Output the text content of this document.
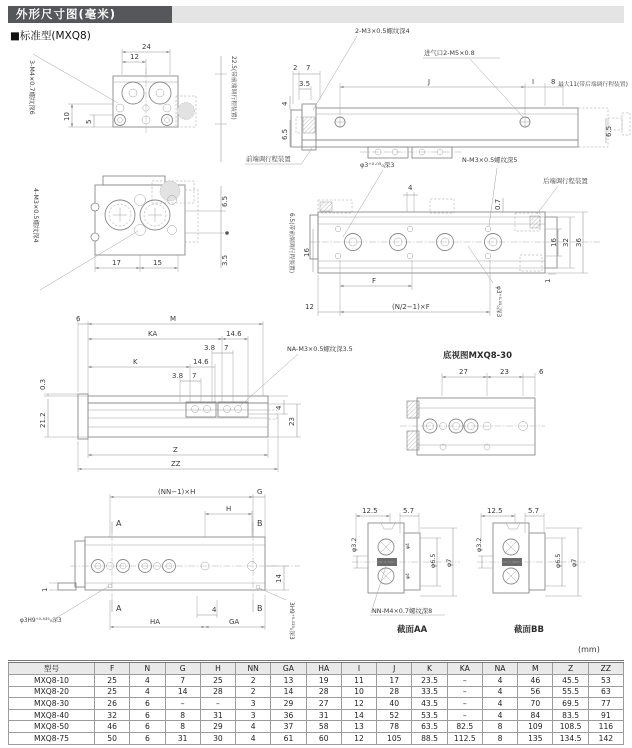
外形尺寸图(毫米)
■标准型(MXQ8)
24
12
10
5
3-M4×0.7螺纹深6	22.5(带前端调行程装置)	J	I 8
2 7
3.5
4
6.5	6.5
2-M3×0.5螺纹深4
进气口2-M5×0.8
最大11(带后端调行程装置)
前端调行程装置
6.5
3.5
17	15
4-M3×0.5螺纹深4	4
0.7
16 32 36
1
16
6.5(带前端调行程装置)
F
(N/2−1)×F
12
φ3⁺⁰·⁰⁵₀深3
N-M3×0.5螺纹深5
后端调行程装置
φ3⁺⁰·⁰⁵₀深3
6	M
KA	14.6
3.8 7
K	14.6
3.8 7
0.3
21.2
4
23
Z
ZZ
NA-M3×0.5螺纹深3.5
底视图MXQ8-30
27	23	6
A	B
A	B
(NN−1)×H	G
H
1
14
4
HA	GA
φ3H9⁺⁰·⁰²⁵₀深3	3H9⁺⁰·⁰²⁵₀深3
12.5	5.7
φ3.2	φ4
φ4
φ6.5 φ7
NN-M4×0.7螺纹深8
截面AA
12.5	5.7
φ3.2
φ6.5 φ7
截面BB
(mm)
型号	F	N	G	H	NN	GA	HA	I	J	K	KA	NA	M	Z	ZZ
MXQ8-10	25	4	7	25	2	13	19	11	17	23.5	–	4	46	45.5	53
MXQ8-20	25	4	14	28	2	14	28	10	28	33.5	–	4	56	55.5	63
MXQ8-30	26	6	–	–	3	29	27	12	40	43.5	–	4	70	69.5	77
MXQ8-40	32	6	8	31	3	36	31	14	52	53.5	–	4	84	83.5	91
MXQ8-50	46	6	8	29	4	37	58	13	78	63.5	82.5	8	109	108.5	116
MXQ8-75	50	6	31	30	4	61	60	12	105	88.5	112.5	8	135	134.5	142
